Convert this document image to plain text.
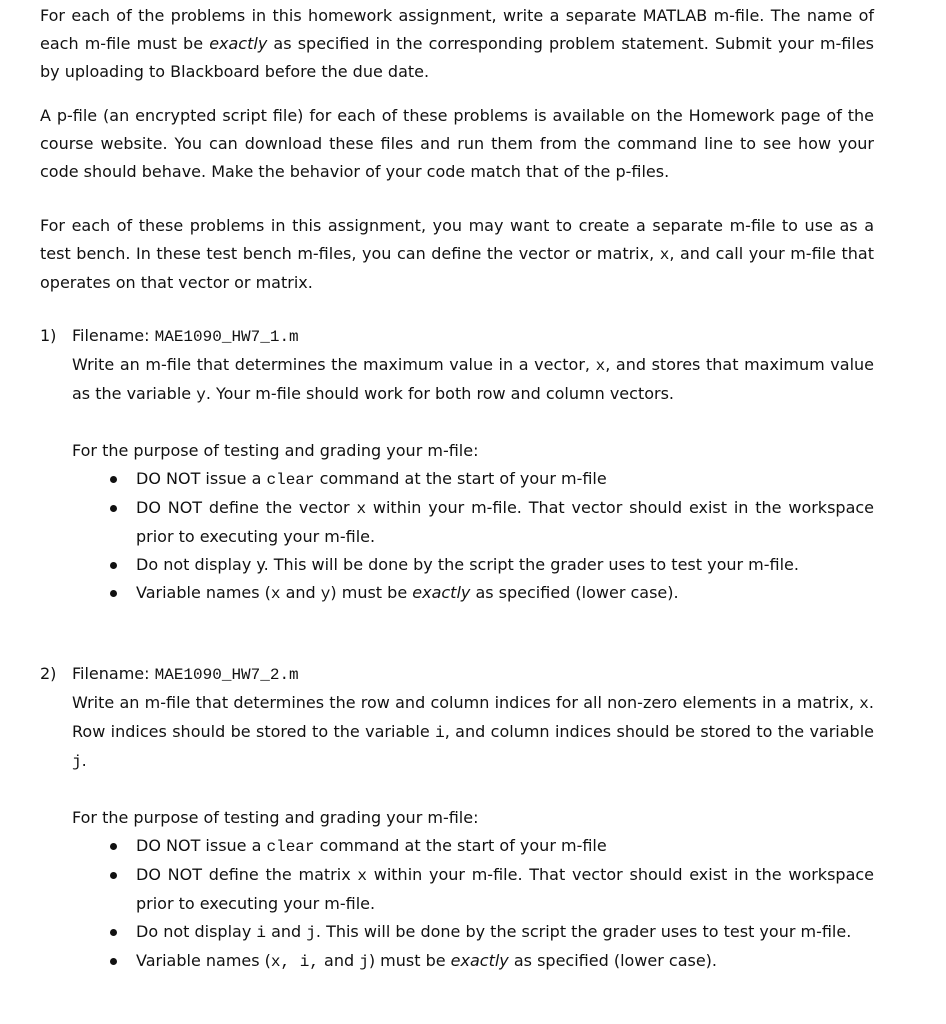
For each of the problems in this homework assignment, write a separate MATLAB m-file. The name of each m-file must be exactly as specified in the corresponding problem statement. Submit your m-files by uploading to Blackboard before the due date.

A p-file (an encrypted script file) for each of these problems is available on the Homework page of the course website. You can download these files and run them from the command line to see how your code should behave. Make the behavior of your code match that of the p-files.

For each of these problems in this assignment, you may want to create a separate m-file to use as a test bench. In these test bench m-files, you can define the vector or matrix, x, and call your m-file that operates on that vector or matrix.

1) Filename: MAE1090_HW7_1.m
Write an m-file that determines the maximum value in a vector, x, and stores that maximum value as the variable y. Your m-file should work for both row and column vectors.
For the purpose of testing and grading your m-file:
DO NOT issue a clear command at the start of your m-file
DO NOT define the vector x within your m-file. That vector should exist in the workspace prior to executing your m-file.
Do not display y. This will be done by the script the grader uses to test your m-file.
Variable names (x and y) must be exactly as specified (lower case).
2) Filename: MAE1090_HW7_2.m
Write an m-file that determines the row and column indices for all non-zero elements in a matrix, x. Row indices should be stored to the variable i, and column indices should be stored to the variable j.
For the purpose of testing and grading your m-file:
DO NOT issue a clear command at the start of your m-file
DO NOT define the matrix x within your m-file. That vector should exist in the workspace prior to executing your m-file.
Do not display i and j. This will be done by the script the grader uses to test your m-file.
Variable names (x, i, and j) must be exactly as specified (lower case).
